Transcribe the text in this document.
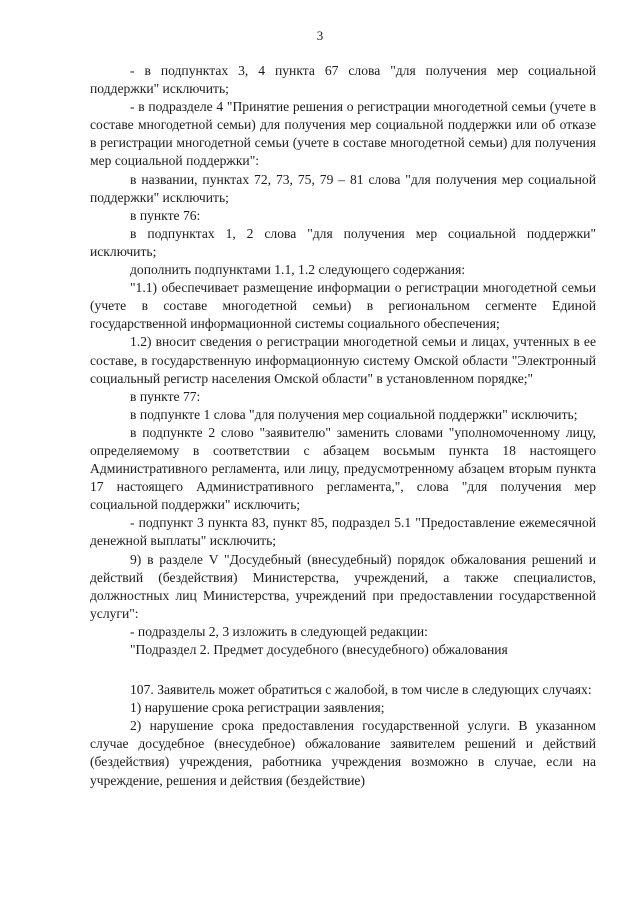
3

- в подпунктах 3, 4 пункта 67 слова "для получения мер социальной поддержки" исключить;

- в подразделе 4 "Принятие решения о регистрации многодетной семьи (учете в составе многодетной семьи) для получения мер социальной поддержки или об отказе в регистрации многодетной семьи (учете в составе многодетной семьи) для получения мер социальной поддержки":

в названии, пунктах 72, 73, 75, 79 – 81 слова "для получения мер социальной поддержки" исключить;

в пункте 76:

в подпунктах 1, 2 слова "для получения мер социальной поддержки" исключить;

дополнить подпунктами 1.1, 1.2 следующего содержания:

"1.1) обеспечивает размещение информации о регистрации многодетной семьи (учете в составе многодетной семьи) в региональном сегменте Единой государственной информационной системы социального обеспечения;

1.2) вносит сведения о регистрации многодетной семьи и лицах, учтенных в ее составе, в государственную информационную систему Омской области "Электронный социальный регистр населения Омской области" в установленном порядке;"

в пункте 77:

в подпункте 1 слова "для получения мер социальной поддержки" исключить;

в подпункте 2 слово "заявителю" заменить словами "уполномоченному лицу, определяемому в соответствии с абзацем восьмым пункта 18 настоящего Административного регламента, или лицу, предусмотренному абзацем вторым пункта 17 настоящего Административного регламента,", слова "для получения мер социальной поддержки" исключить;

- подпункт 3 пункта 83, пункт 85, подраздел 5.1 "Предоставление ежемесячной денежной выплаты" исключить;

9) в разделе V "Досудебный (внесудебный) порядок обжалования решений и действий (бездействия) Министерства, учреждений, а также специалистов, должностных лиц Министерства, учреждений при предоставлении государственной услуги":

- подразделы 2, 3 изложить в следующей редакции:

"Подраздел 2. Предмет досудебного (внесудебного) обжалования

107. Заявитель может обратиться с жалобой, в том числе в следующих случаях:

1) нарушение срока регистрации заявления;

2) нарушение срока предоставления государственной услуги. В указанном случае досудебное (внесудебное) обжалование заявителем решений и действий (бездействия) учреждения, работника учреждения возможно в случае, если на учреждение, решения и действия (бездействие)
